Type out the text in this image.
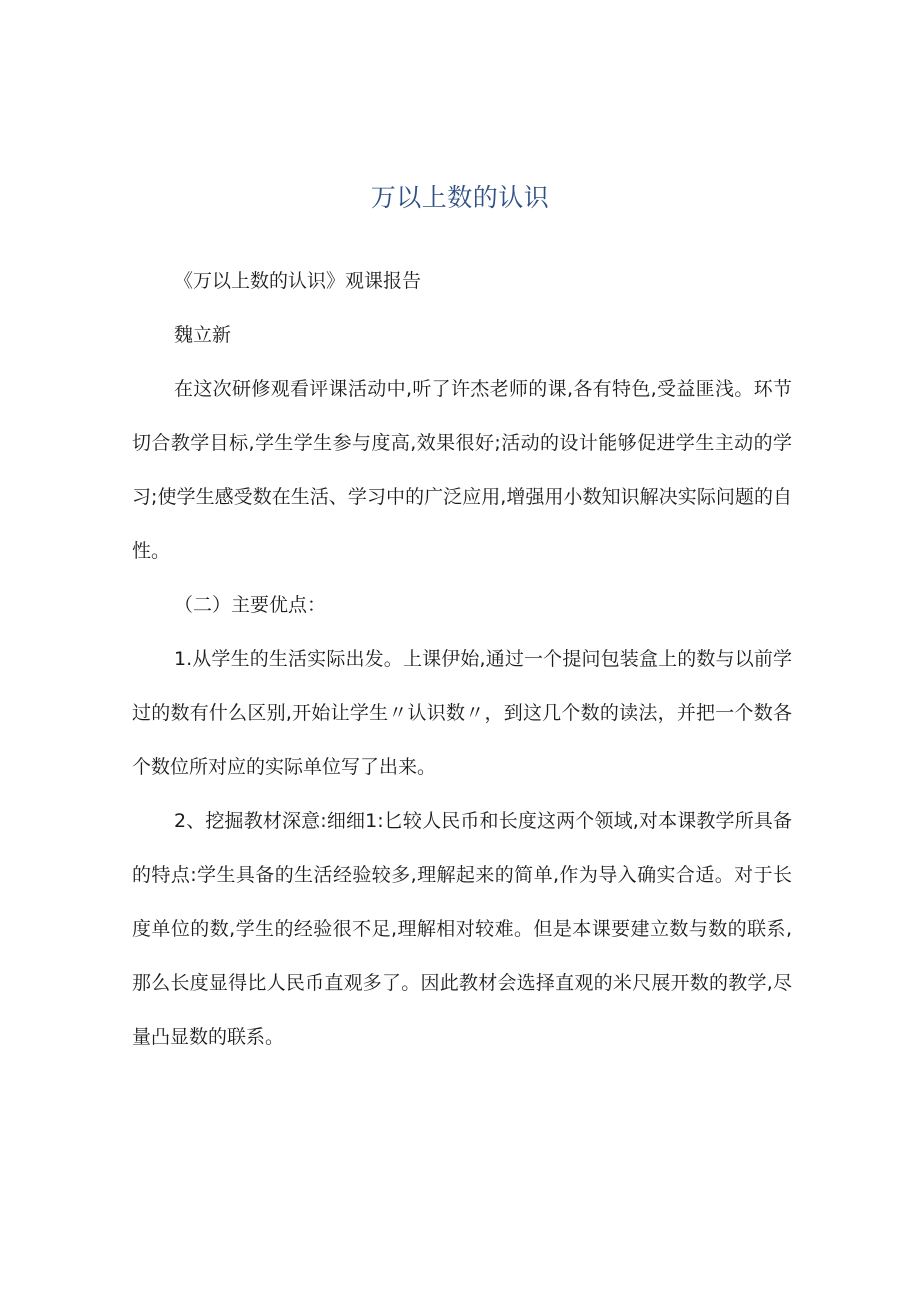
万以上数的认识

《万以上数的认识》观课报告

魏立新

在这次研修观看评课活动中,听了许杰老师的课,各有特色,受益匪浅。环节切合教学目标,学生学生参与度高,效果很好;活动的设计能够促进学生主动的学习;使学生感受数在生活、学习中的广泛应用,增强用小数知识解决实际问题的自性。

（二）主要优点：

1.从学生的生活实际出发。上课伊始,通过一个提问包装盒上的数与以前学过的数有什么区别,开始让学生〃认识数〃，到这几个数的读法，并把一个数各个数位所对应的实际单位写了出来。

2、挖掘教材深意:细细1:匕较人民币和长度这两个领域,对本课教学所具备的特点:学生具备的生活经验较多,理解起来的简单,作为导入确实合适。对于长度单位的数,学生的经验很不足,理解相对较难。但是本课要建立数与数的联系,那么长度显得比人民币直观多了。因此教材会选择直观的米尺展开数的教学,尽量凸显数的联系。
